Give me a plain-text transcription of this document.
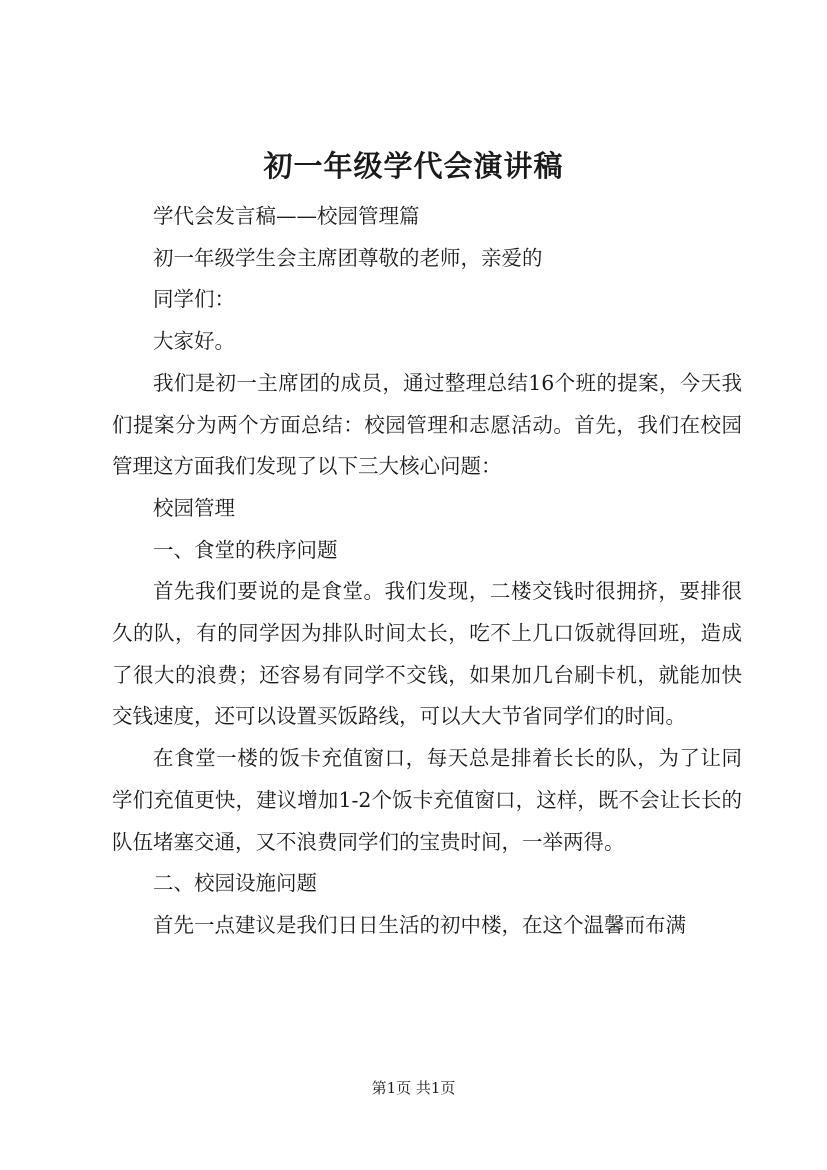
初一年级学代会演讲稿

学代会发言稿——校园管理篇

初一年级学生会主席团尊敬的老师，亲爱的

同学们：

大家好。

我们是初一主席团的成员，通过整理总结16个班的提案，今天我们提案分为两个方面总结：校园管理和志愿活动。首先，我们在校园管理这方面我们发现了以下三大核心问题：

校园管理

一、食堂的秩序问题

首先我们要说的是食堂。我们发现，二楼交钱时很拥挤，要排很久的队，有的同学因为排队时间太长，吃不上几口饭就得回班，造成了很大的浪费；还容易有同学不交钱，如果加几台刷卡机，就能加快交钱速度，还可以设置买饭路线，可以大大节省同学们的时间。

在食堂一楼的饭卡充值窗口，每天总是排着长长的队，为了让同学们充值更快，建议增加1-2个饭卡充值窗口，这样，既不会让长长的队伍堵塞交通，又不浪费同学们的宝贵时间，一举两得。

二、校园设施问题

首先一点建议是我们日日生活的初中楼，在这个温馨而布满

第1页 共1页
